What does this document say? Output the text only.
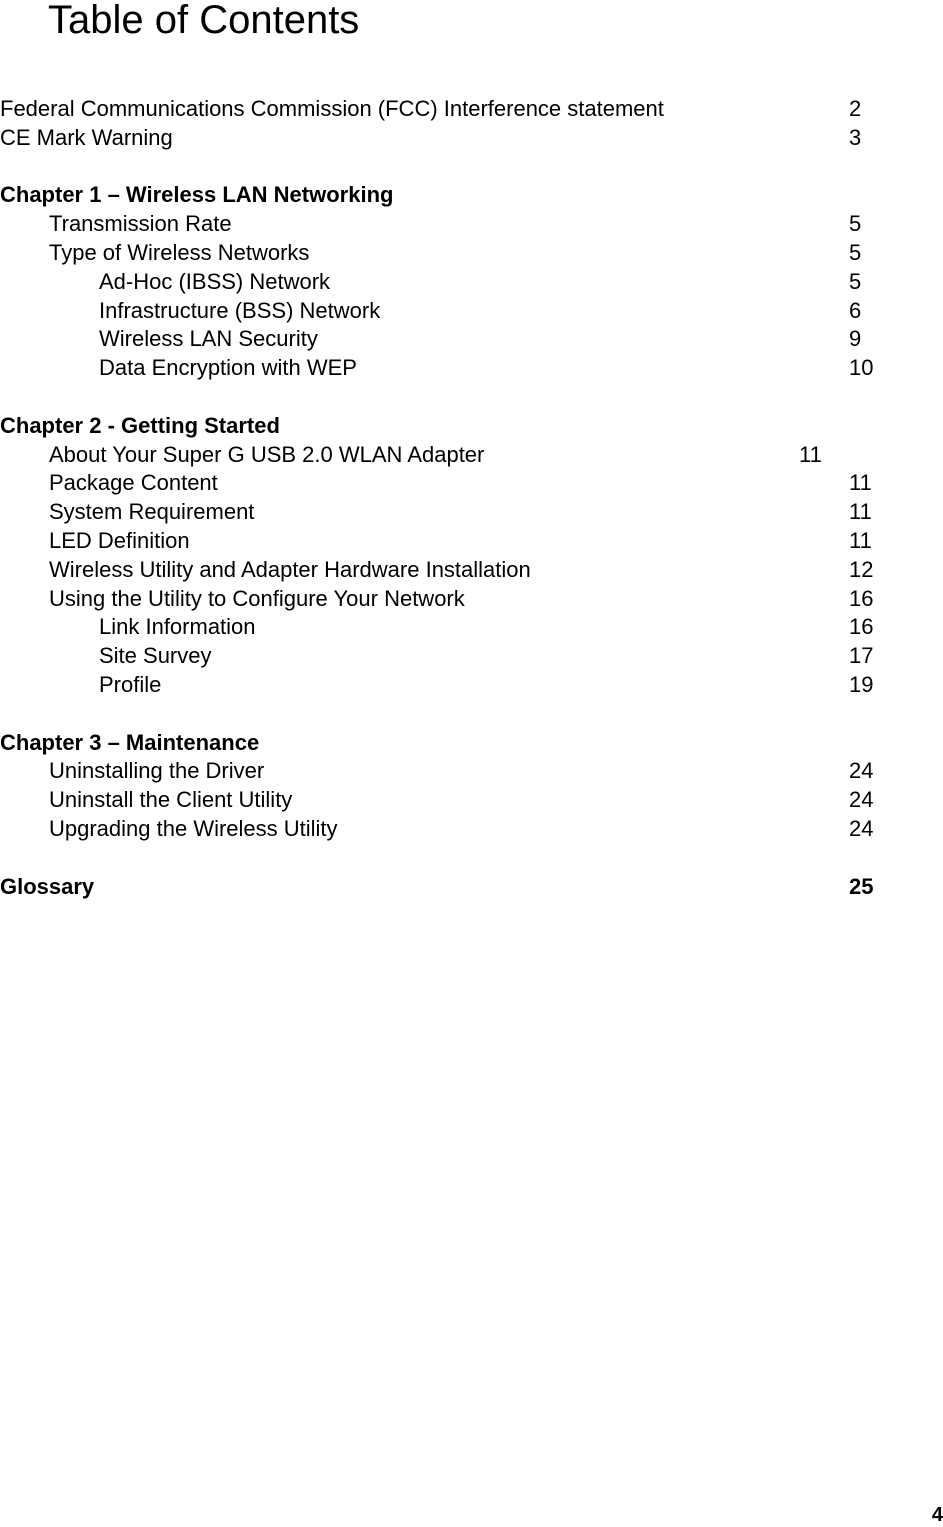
Table of Contents
Federal Communications Commission (FCC) Interference statement	2
CE Mark Warning	3
Chapter 1 – Wireless LAN Networking
Transmission Rate	5
Type of Wireless Networks	5
Ad-Hoc (IBSS) Network	5
Infrastructure (BSS) Network	6
Wireless LAN Security	9
Data Encryption with WEP	10
Chapter 2 - Getting Started
About Your Super G USB 2.0 WLAN Adapter	11
Package Content	11
System Requirement	11
LED Definition	11
Wireless Utility and Adapter Hardware Installation	12
Using the Utility to Configure Your Network	16
Link Information	16
Site Survey	17
Profile	19
Chapter 3 – Maintenance
Uninstalling the Driver	24
Uninstall the Client Utility	24
Upgrading the Wireless Utility	24
Glossary	25
4
